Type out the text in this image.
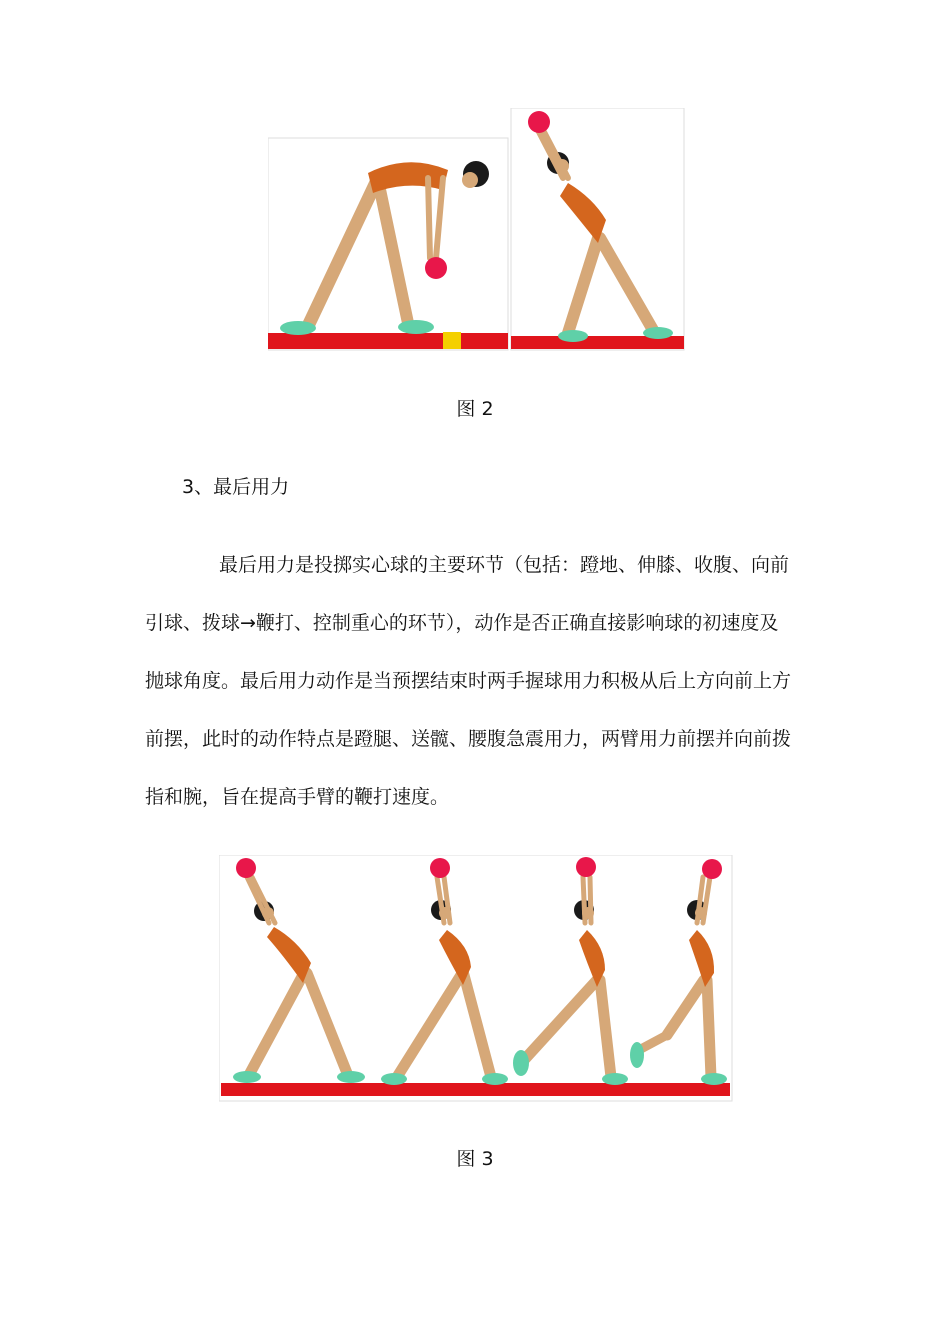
图 2
3、最后用力
最后用力是投掷实心球的主要环节（包括：蹬地、伸膝、收腹、向前
引球、拨球→鞭打、控制重心的环节），动作是否正确直接影响球的初速度及
抛球角度。最后用力动作是当预摆结束时两手握球用力积极从后上方向前上方
前摆，此时的动作特点是蹬腿、送髋、腰腹急震用力，两臂用力前摆并向前拨
指和腕，旨在提高手臂的鞭打速度。
图 3
